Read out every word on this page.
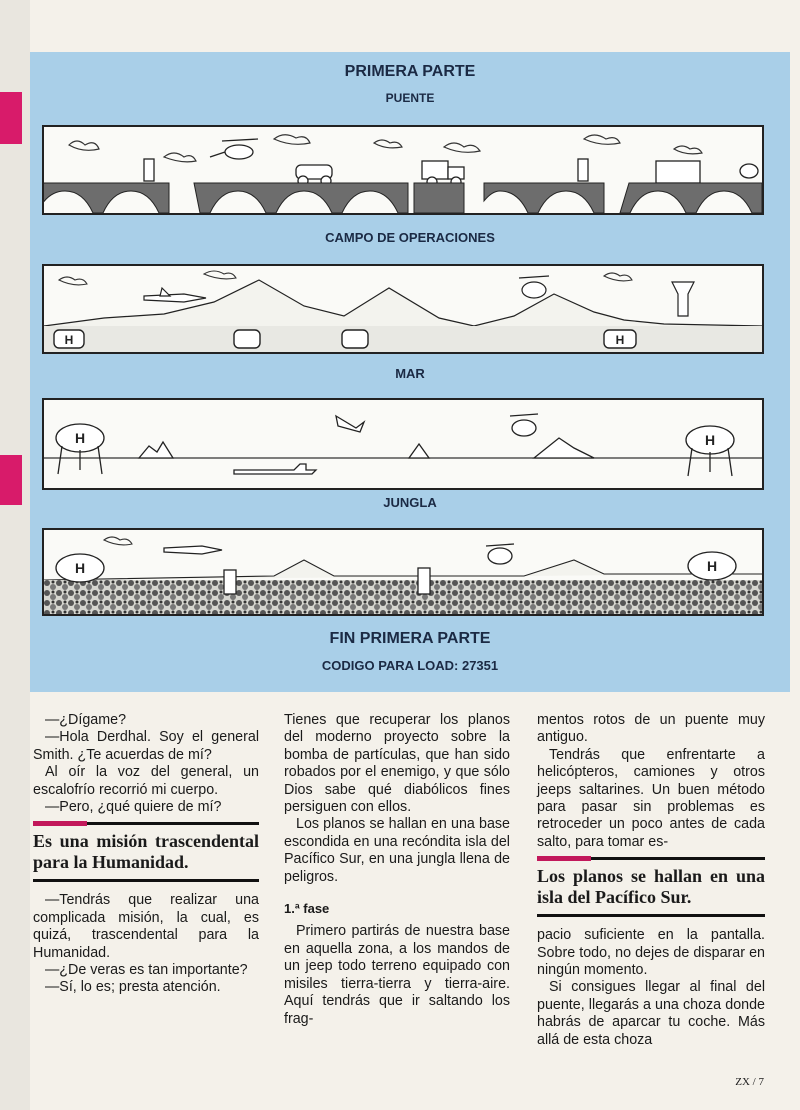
PRIMERA PARTE
PUENTE
CAMPO DE OPERACIONES
H	H
MAR
H	H
JUNGLA
H	H
FIN PRIMERA PARTE
CODIGO PARA LOAD: 27351

—¿Dígame?

—Hola Derdhal. Soy el general Smith. ¿Te acuerdas de mí?

Al oír la voz del general, un escalofrío recorrió mi cuerpo.

—Pero, ¿qué quiere de mí?

Es una misión trascendental para la Humanidad.

—Tendrás que realizar una complicada misión, la cual, es quizá, trascendental para la Humanidad.

—¿De veras es tan importante?

—Sí, lo es; presta atención.

Tienes que recuperar los planos del moderno proyecto sobre la bomba de partículas, que han sido robados por el enemigo, y que sólo Dios sabe qué diabólicos fines persiguen con ellos.

Los planos se hallan en una base escondida en una recóndita isla del Pacífico Sur, en una jungla llena de peligros.

1.ª fase

Primero partirás de nuestra base en aquella zona, a los mandos de un jeep todo terreno equipado con misiles tierra-tierra y tierra-aire. Aquí tendrás que ir saltando los frag-

mentos rotos de un puente muy antiguo.

Tendrás que enfrentarte a helicópteros, camiones y otros jeeps saltarines. Un buen método para pasar sin problemas es retroceder un poco antes de cada salto, para tomar es-

Los planos se hallan en una isla del Pacífico Sur.

pacio suficiente en la pantalla. Sobre todo, no dejes de disparar en ningún momento.

Si consigues llegar al final del puente, llegarás a una choza donde habrás de aparcar tu coche. Más allá de esta choza

ZX / 7
